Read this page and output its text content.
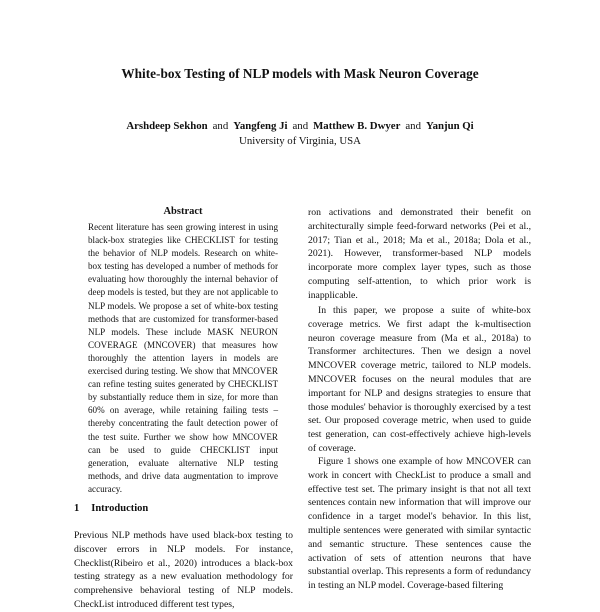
White-box Testing of NLP models with Mask Neuron Coverage
Arshdeep Sekhon and Yangfeng Ji and Matthew B. Dwyer and Yanjun Qi
University of Virginia, USA
Abstract

Recent literature has seen growing interest in using black-box strategies like CHECKLIST for testing the behavior of NLP models. Research on white-box testing has developed a number of methods for evaluating how thoroughly the internal behavior of deep models is tested, but they are not applicable to NLP models. We propose a set of white-box testing methods that are customized for transformer-based NLP models. These include MASK NEURON COVERAGE (MNCOVER) that measures how thoroughly the attention layers in models are exercised during testing. We show that MNCOVER can refine testing suites generated by CHECKLIST by substantially reduce them in size, for more than 60% on average, while retaining failing tests – thereby concentrating the fault detection power of the test suite. Further we show how MNCOVER can be used to guide CHECKLIST input generation, evaluate alternative NLP testing methods, and drive data augmentation to improve accuracy.

1 Introduction

Previous NLP methods have used black-box testing to discover errors in NLP models. For instance, Checklist(Ribeiro et al., 2020) introduces a black-box testing strategy as a new evaluation methodology for comprehensive behavioral testing of NLP models. CheckList introduced different test types,

ron activations and demonstrated their benefit on architecturally simple feed-forward networks (Pei et al., 2017; Tian et al., 2018; Ma et al., 2018a; Dola et al., 2021). However, transformer-based NLP models incorporate more complex layer types, such as those computing self-attention, to which prior work is inapplicable.

In this paper, we propose a suite of white-box coverage metrics. We first adapt the k-multisection neuron coverage measure from (Ma et al., 2018a) to Transformer architectures. Then we design a novel MNCOVER coverage metric, tailored to NLP models. MNCOVER focuses on the neural modules that are important for NLP and designs strategies to ensure that those modules' behavior is thoroughly exercised by a test set. Our proposed coverage metric, when used to guide test generation, can cost-effectively achieve high-levels of coverage.

Figure 1 shows one example of how MNCOVER can work in concert with CheckList to produce a small and effective test set. The primary insight is that not all text sentences contain new information that will improve our confidence in a target model's behavior. In this list, multiple sentences were generated with similar syntactic and semantic structure. These sentences cause the activation of sets of attention neurons that have substantial overlap. This represents a form of redundancy in testing an NLP model. Coverage-based filtering
